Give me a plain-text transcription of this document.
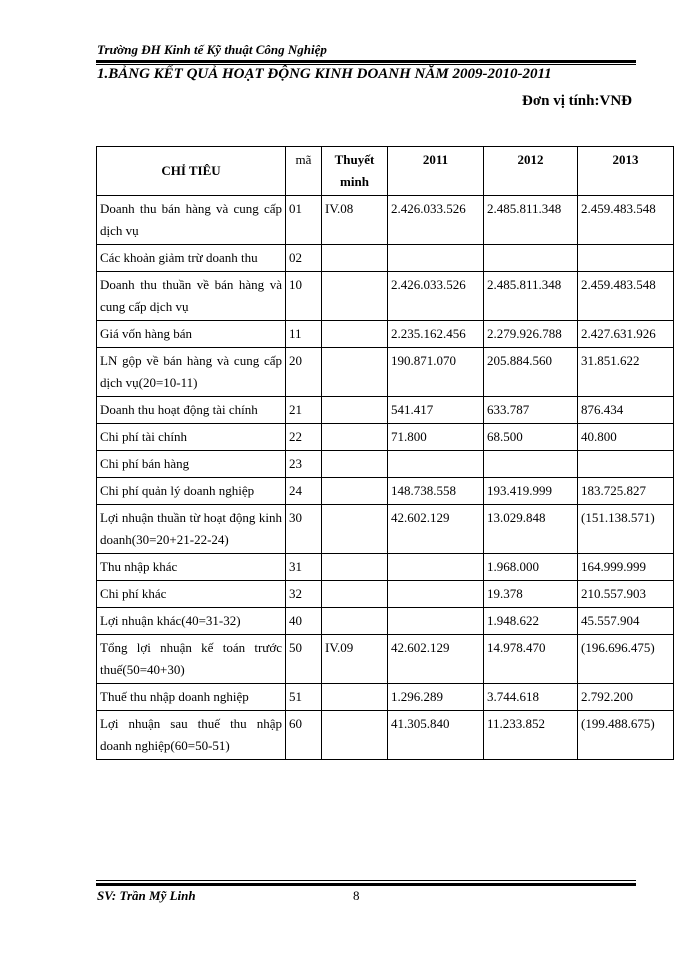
Trường ĐH Kinh tế Kỹ thuật Công Nghiệp
1.BẢNG KẾT QUẢ HOẠT ĐỘNG KINH DOANH NĂM 2009-2010-2011
Đơn vị tính:VNĐ
CHỈ TIÊU	mã	Thuyết minh	2011	2012	2013
Doanh thu bán hàng và cung cấp dịch vụ	01	IV.08	2.426.033.526	2.485.811.348	2.459.483.548
Các khoản giảm trừ doanh thu	02				
Doanh thu thuần về bán hàng và cung cấp dịch vụ	10		2.426.033.526	2.485.811.348	2.459.483.548
Giá vốn hàng bán	11		2.235.162.456	2.279.926.788	2.427.631.926
LN gộp về bán hàng và cung cấp dịch vụ(20=10-11)	20		190.871.070	205.884.560	31.851.622
Doanh thu hoạt động tài chính	21		541.417	633.787	876.434
Chi phí tài chính	22		71.800	68.500	40.800
Chi phí bán hàng	23				
Chi phí quản lý doanh nghiệp	24		148.738.558	193.419.999	183.725.827
Lợi nhuận thuần từ hoạt động kinh doanh(30=20+21-22-24)	30		42.602.129	13.029.848	(151.138.571)
Thu nhập khác	31			1.968.000	164.999.999
Chi phí khác	32			19.378	210.557.903
Lợi nhuận khác(40=31-32)	40			1.948.622	45.557.904
Tổng lợi nhuận kế toán trước thuế(50=40+30)	50	IV.09	42.602.129	14.978.470	(196.696.475)
Thuế thu nhập doanh nghiệp	51		1.296.289	3.744.618	2.792.200
Lợi nhuận sau thuế thu nhập doanh nghiệp(60=50-51)	60		41.305.840	11.233.852	(199.488.675)
SV: Trần Mỹ Linh	8
